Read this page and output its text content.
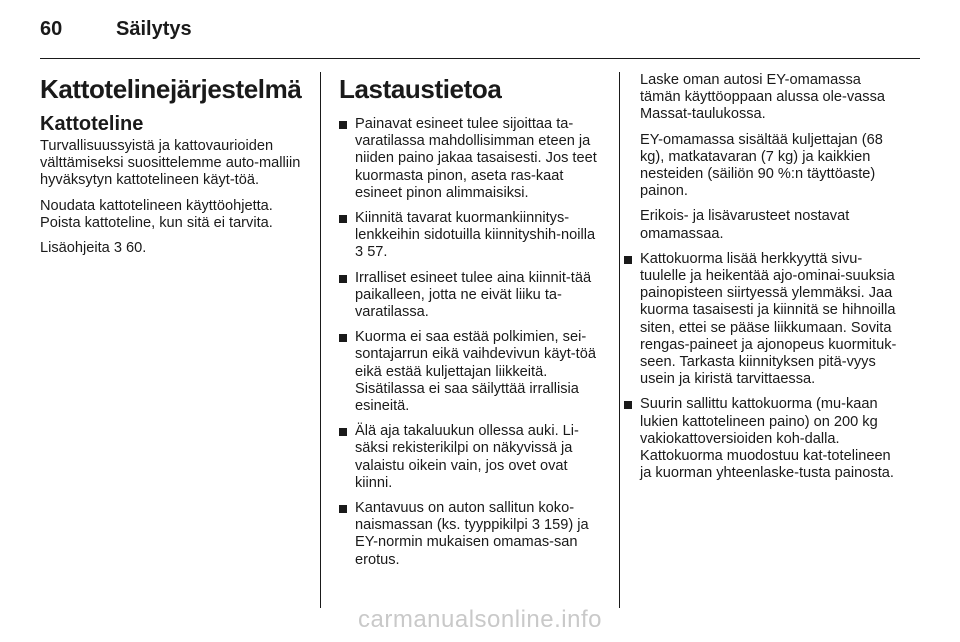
60	Säilytys
Kattotelinejärjestelmä
Kattoteline

Turvallisuussyistä ja kattovaurioiden välttämiseksi suosittelemme auto-malliin hyväksytyn kattotelineen käyt-töä.

Noudata kattotelineen käyttöohjetta. Poista kattoteline, kun sitä ei tarvita.

Lisäohjeita 3 60.

Lastaustietoa
Painavat esineet tulee sijoittaa ta-varatilassa mahdollisimman eteen ja niiden paino jakaa tasaisesti. Jos teet kuormasta pinon, aseta ras-kaat esineet pinon alimmaisiksi.
Kiinnitä tavarat kuormankiinnitys-lenkkeihin sidotuilla kiinnityshih-noilla 3 57.
Irralliset esineet tulee aina kiinnit-tää paikalleen, jotta ne eivät liiku ta-varatilassa.
Kuorma ei saa estää polkimien, sei-sontajarrun eikä vaihdevivun käyt-töä eikä estää kuljettajan liikkeitä. Sisätilassa ei saa säilyttää irrallisia esineitä.
Älä aja takaluukun ollessa auki. Li-säksi rekisterikilpi on näkyvissä ja valaistu oikein vain, jos ovet ovat kiinni.
Kantavuus on auton sallitun koko-naismassan (ks. tyyppikilpi 3 159) ja EY-normin mukaisen omamas-san erotus.
Laske oman autosi EY-omamassa tämän käyttöoppaan alussa ole-vassa Massat-taulukossa.
EY-omamassa sisältää kuljettajan (68 kg), matkatavaran (7 kg) ja kaikkien nesteiden (säiliön 90 %:n täyttöaste) painon.
Erikois- ja lisävarusteet nostavat omamassaa.
Kattokuorma lisää herkkyyttä sivu-tuulelle ja heikentää ajo-ominai-suuksia painopisteen siirtyessä ylemmäksi. Jaa kuorma tasaisesti ja kiinnitä se hihnoilla siten, ettei se pääse liikkumaan. Sovita rengas-paineet ja ajonopeus kuormituk-seen. Tarkasta kiinnityksen pitä-vyys usein ja kiristä tarvittaessa.
Suurin sallittu kattokuorma (mu-kaan lukien kattotelineen paino) on 200 kg vakiokattoversioiden koh-dalla. Kattokuorma muodostuu kat-totelineen ja kuorman yhteenlaske-tusta painosta.
carmanualsonline.info
